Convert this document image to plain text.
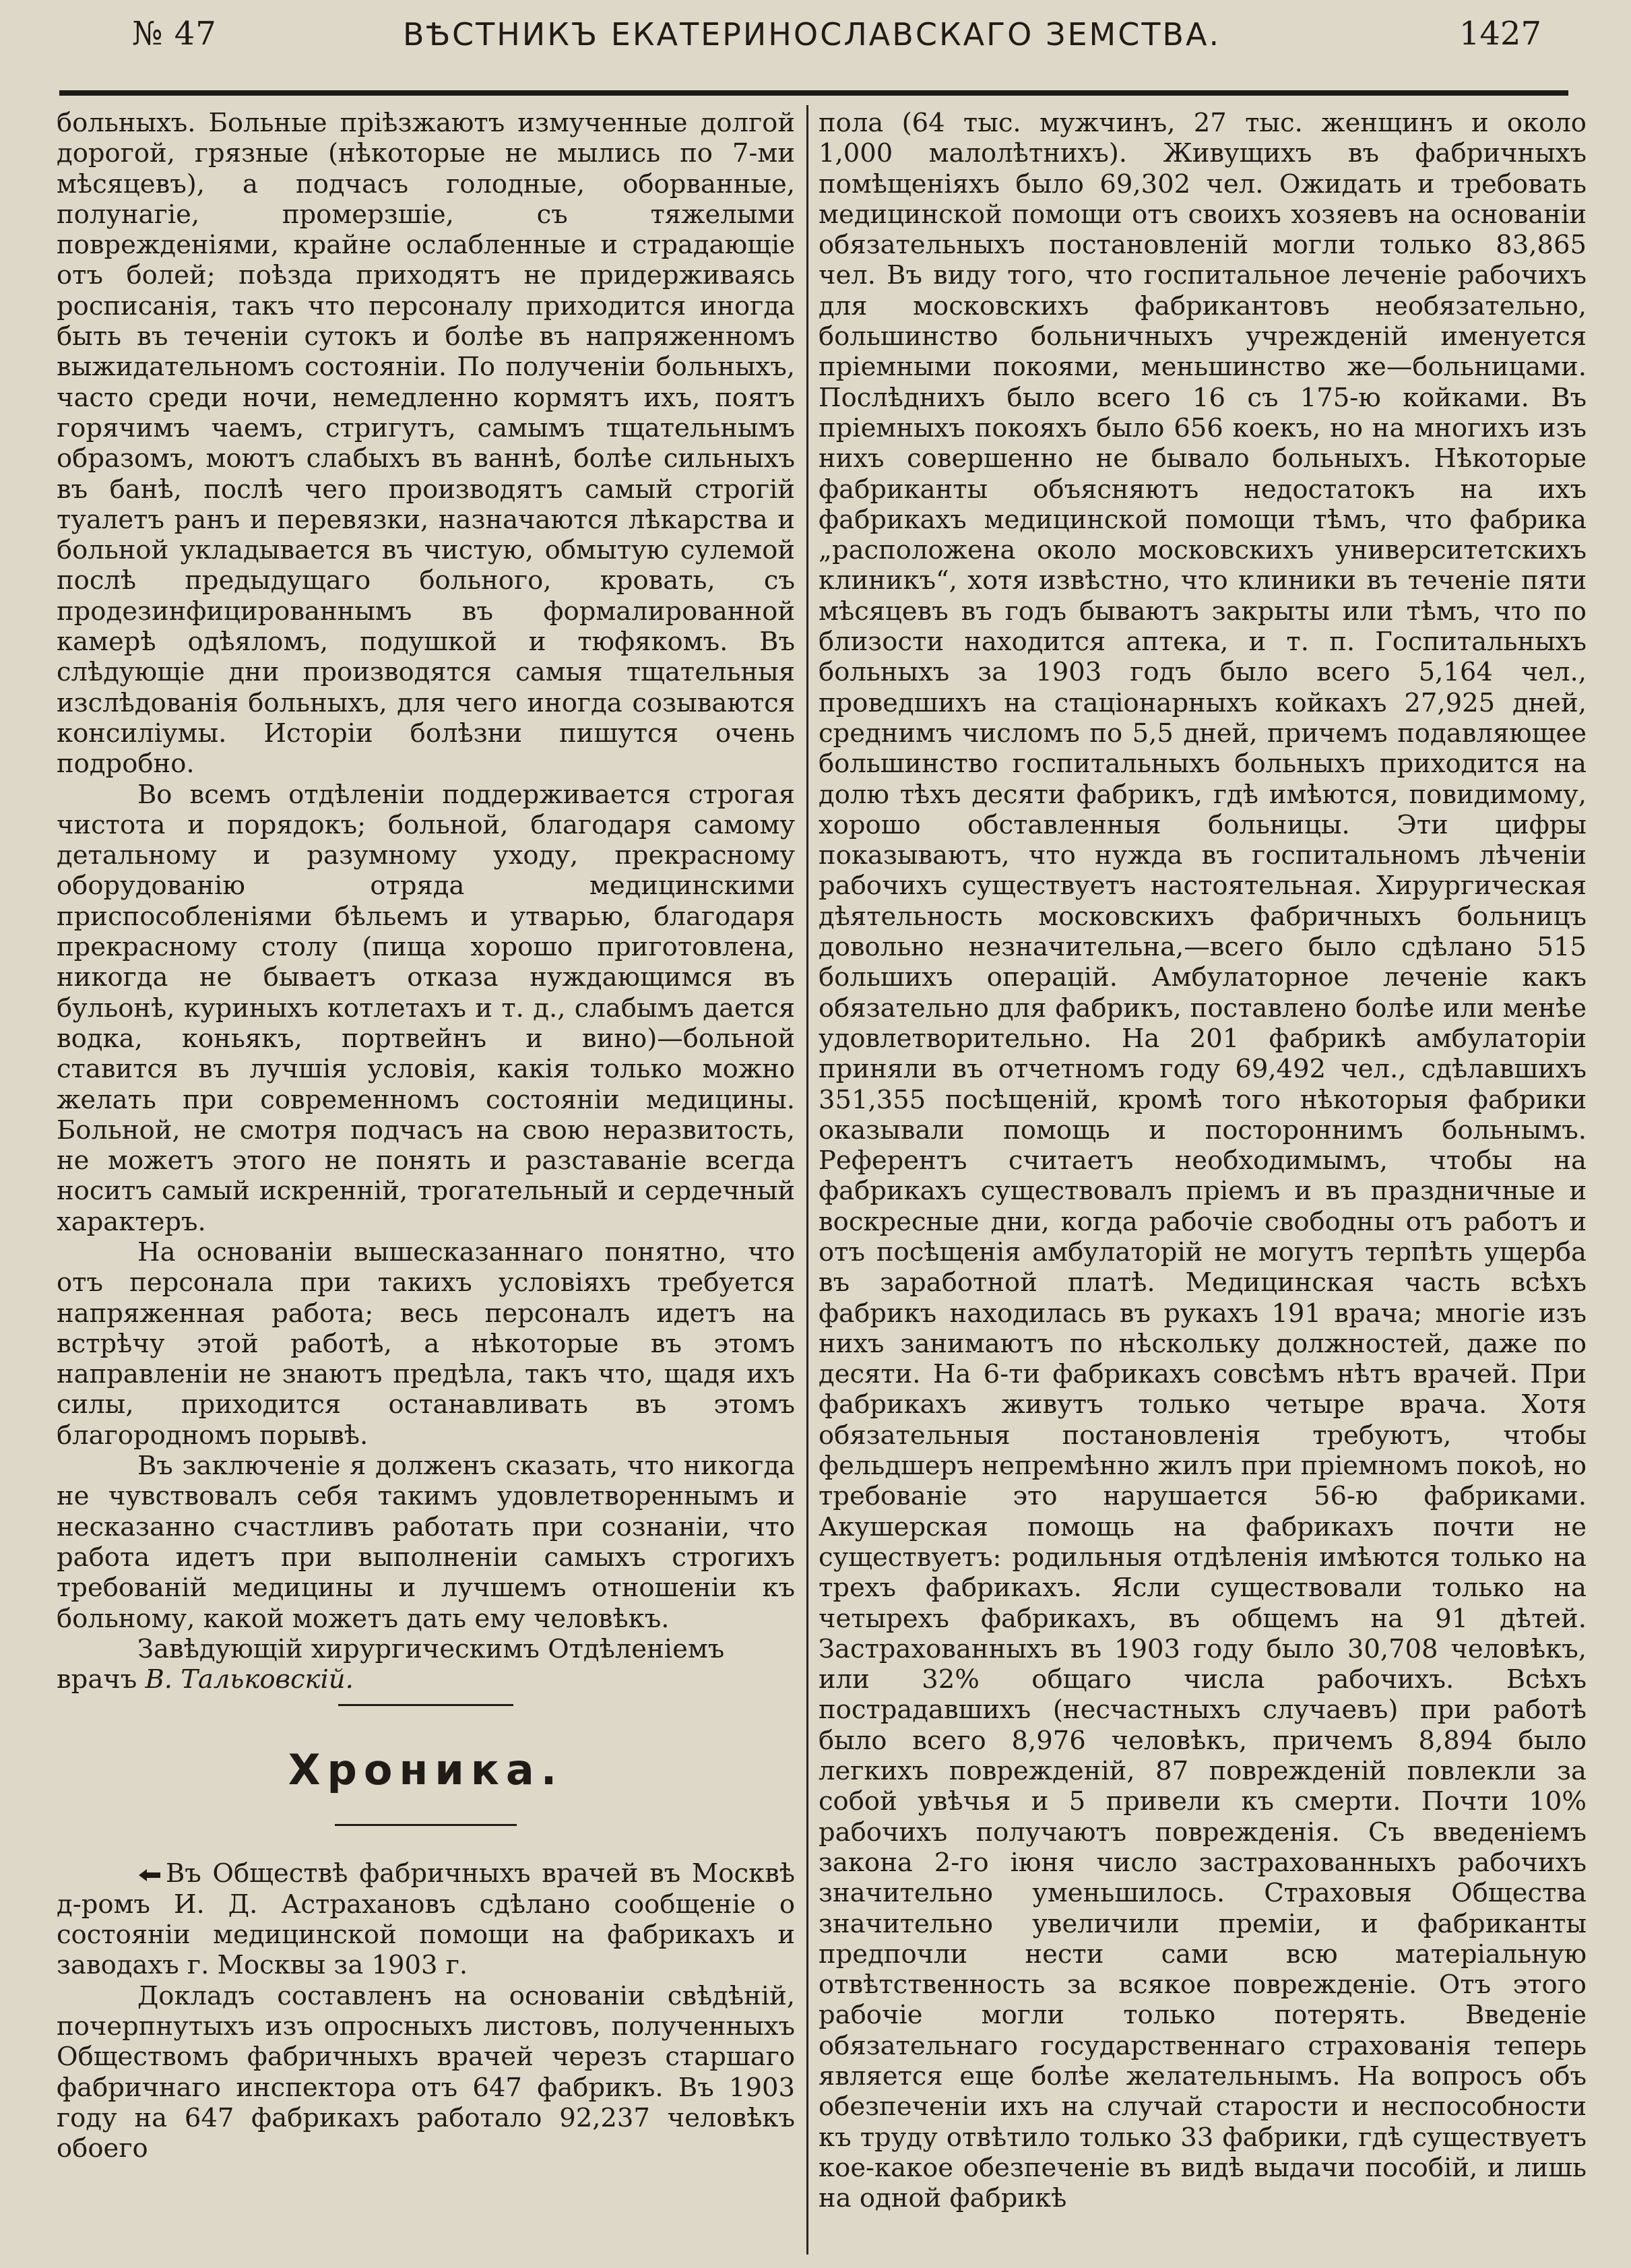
№ 47	ВѢСТНИКЪ ЕКАТЕРИНОСЛАВСКАГО ЗЕМСТВА.	1427

больныхъ. Больные пріѣзжаютъ измученные долгой дорогой, грязные (нѣкоторые не мылись по 7-ми мѣсяцевъ), а подчасъ голодные, оборванные, полунагіе, промерзшіе, съ тяжелыми поврежденіями, крайне ослабленные и страдающіе отъ болей; поѣзда приходятъ не придерживаясь росписанія, такъ что персоналу приходится иногда быть въ теченіи сутокъ и болѣе въ напряженномъ выжидательномъ состояніи. По полученіи больныхъ, часто среди ночи, немедленно кормятъ ихъ, поятъ горячимъ чаемъ, стригутъ, самымъ тщательнымъ образомъ, моютъ слабыхъ въ ваннѣ, болѣе сильныхъ въ банѣ, послѣ чего производятъ самый строгій туалетъ ранъ и перевязки, назначаются лѣкарства и больной укладывается въ чистую, обмытую сулемой послѣ предыдущаго больного, кровать, съ продезинфицированнымъ въ формалированной камерѣ одѣяломъ, подушкой и тюфякомъ. Въ слѣдующіе дни производятся самыя тщательныя изслѣдованія больныхъ, для чего иногда созываются консиліумы. Исторіи болѣзни пишутся очень подробно.

Во всемъ отдѣленіи поддерживается строгая чистота и порядокъ; больной, благодаря самому детальному и разумному уходу, прекрасному оборудованію отряда медицинскими приспособленіями бѣльемъ и утварью, благодаря прекрасному столу (пища хорошо приготовлена, никогда не бываетъ отказа нуждающимся въ бульонѣ, куриныхъ котлетахъ и т. д., слабымъ дается водка, коньякъ, портвейнъ и вино)—больной ставится въ лучшія условія, какія только можно желать при современномъ состояніи медицины. Больной, не смотря подчасъ на свою неразвитость, не можетъ этого не понять и разставаніе всегда носитъ самый искренній, трогательный и сердечный характеръ.

На основаніи вышесказаннаго понятно, что отъ персонала при такихъ условіяхъ требуется напряженная работа; весь персоналъ идетъ на встрѣчу этой работѣ, а нѣкоторые въ этомъ направленіи не знаютъ предѣла, такъ что, щадя ихъ силы, приходится останавливать въ этомъ благородномъ порывѣ.

Въ заключеніе я долженъ сказать, что никогда не чувствовалъ себя такимъ удовлетвореннымъ и несказанно счастливъ работать при сознаніи, что работа идетъ при выполненіи самыхъ строгихъ требованій медицины и лучшемъ отношеніи къ больному, какой можетъ дать ему человѣкъ.

Завѣдующій хирургическимъ Отдѣленіемъ

врачъ В. Тальковскій.

Хроника.

Въ Обществѣ фабричныхъ врачей въ Москвѣ д-ромъ И. Д. Астрахановъ сдѣлано сообщеніе о состояніи медицинской помощи на фабрикахъ и заводахъ г. Москвы за 1903 г.

Докладъ составленъ на основаніи свѣдѣній, почерпнутыхъ изъ опросныхъ листовъ, полученныхъ Обществомъ фабричныхъ врачей черезъ старшаго фабричнаго инспектора отъ 647 фабрикъ. Въ 1903 году на 647 фабрикахъ работало 92,237 человѣкъ обоего

пола (64 тыс. мужчинъ, 27 тыс. женщинъ и около 1,000 малолѣтнихъ). Живущихъ въ фабричныхъ помѣщеніяхъ было 69,302 чел. Ожидать и требовать медицинской помощи отъ своихъ хозяевъ на основаніи обязательныхъ постановленій могли только 83,865 чел. Въ виду того, что госпитальное леченіе рабочихъ для московскихъ фабрикантовъ необязательно, большинство больничныхъ учрежденій именуется пріемными покоями, меньшинство же—больницами. Послѣднихъ было всего 16 съ 175-ю койками. Въ пріемныхъ покояхъ было 656 коекъ, но на многихъ изъ нихъ совершенно не бывало больныхъ. Нѣкоторые фабриканты объясняютъ недостатокъ на ихъ фабрикахъ медицинской помощи тѣмъ, что фабрика „расположена около московскихъ университетскихъ клиникъ“, хотя извѣстно, что клиники въ теченіе пяти мѣсяцевъ въ годъ бываютъ закрыты или тѣмъ, что по близости находится аптека, и т. п. Госпитальныхъ больныхъ за 1903 годъ было всего 5,164 чел., проведшихъ на стаціонарныхъ койкахъ 27,925 дней, среднимъ числомъ по 5,5 дней, причемъ подавляющее большинство госпитальныхъ больныхъ приходится на долю тѣхъ десяти фабрикъ, гдѣ имѣются, повидимому, хорошо обставленныя больницы. Эти цифры показываютъ, что нужда въ госпитальномъ лѣченіи рабочихъ существуетъ настоятельная. Хирургическая дѣятельность московскихъ фабричныхъ больницъ довольно незначительна,—всего было сдѣлано 515 большихъ операцій. Амбулаторное леченіе какъ обязательно для фабрикъ, поставлено болѣе или менѣе удовлетворительно. На 201 фабрикѣ амбулаторіи приняли въ отчетномъ году 69,492 чел., сдѣлавшихъ 351,355 посѣщеній, кромѣ того нѣкоторыя фабрики оказывали помощь и постороннимъ больнымъ. Референтъ считаетъ необходимымъ, чтобы на фабрикахъ существовалъ пріемъ и въ праздничные и воскресные дни, когда рабочіе свободны отъ работъ и отъ посѣщенія амбулаторій не могутъ терпѣть ущерба въ заработной платѣ. Медицинская часть всѣхъ фабрикъ находилась въ рукахъ 191 врача; многіе изъ нихъ занимаютъ по нѣскольку должностей, даже по десяти. На 6-ти фабрикахъ совсѣмъ нѣтъ врачей. При фабрикахъ живутъ только четыре врача. Хотя обязательныя постановленія требуютъ, чтобы фельдшеръ непремѣнно жилъ при пріемномъ покоѣ, но требованіе это нарушается 56-ю фабриками. Акушерская помощь на фабрикахъ почти не существуетъ: родильныя отдѣленія имѣются только на трехъ фабрикахъ. Ясли существовали только на четырехъ фабрикахъ, въ общемъ на 91 дѣтей. Застрахованныхъ въ 1903 году было 30,708 человѣкъ, или 32% общаго числа рабочихъ. Всѣхъ пострадавшихъ (несчастныхъ случаевъ) при работѣ было всего 8,976 человѣкъ, причемъ 8,894 было легкихъ поврежденій, 87 поврежденій повлекли за собой увѣчья и 5 привели къ смерти. Почти 10% рабочихъ получаютъ поврежденія. Съ введеніемъ закона 2-го іюня число застрахованныхъ рабочихъ значительно уменьшилось. Страховыя Общества значительно увеличили преміи, и фабриканты предпочли нести сами всю матеріальную отвѣтственность за всякое поврежденіе. Отъ этого рабочіе могли только потерять. Введеніе обязательнаго государственнаго страхованія теперь является еще болѣе желательнымъ. На вопросъ объ обезпеченіи ихъ на случай старости и неспособности къ труду отвѣтило только 33 фабрики, гдѣ существуетъ кое-какое обезпеченіе въ видѣ выдачи пособій, и лишь на одной фабрикѣ
